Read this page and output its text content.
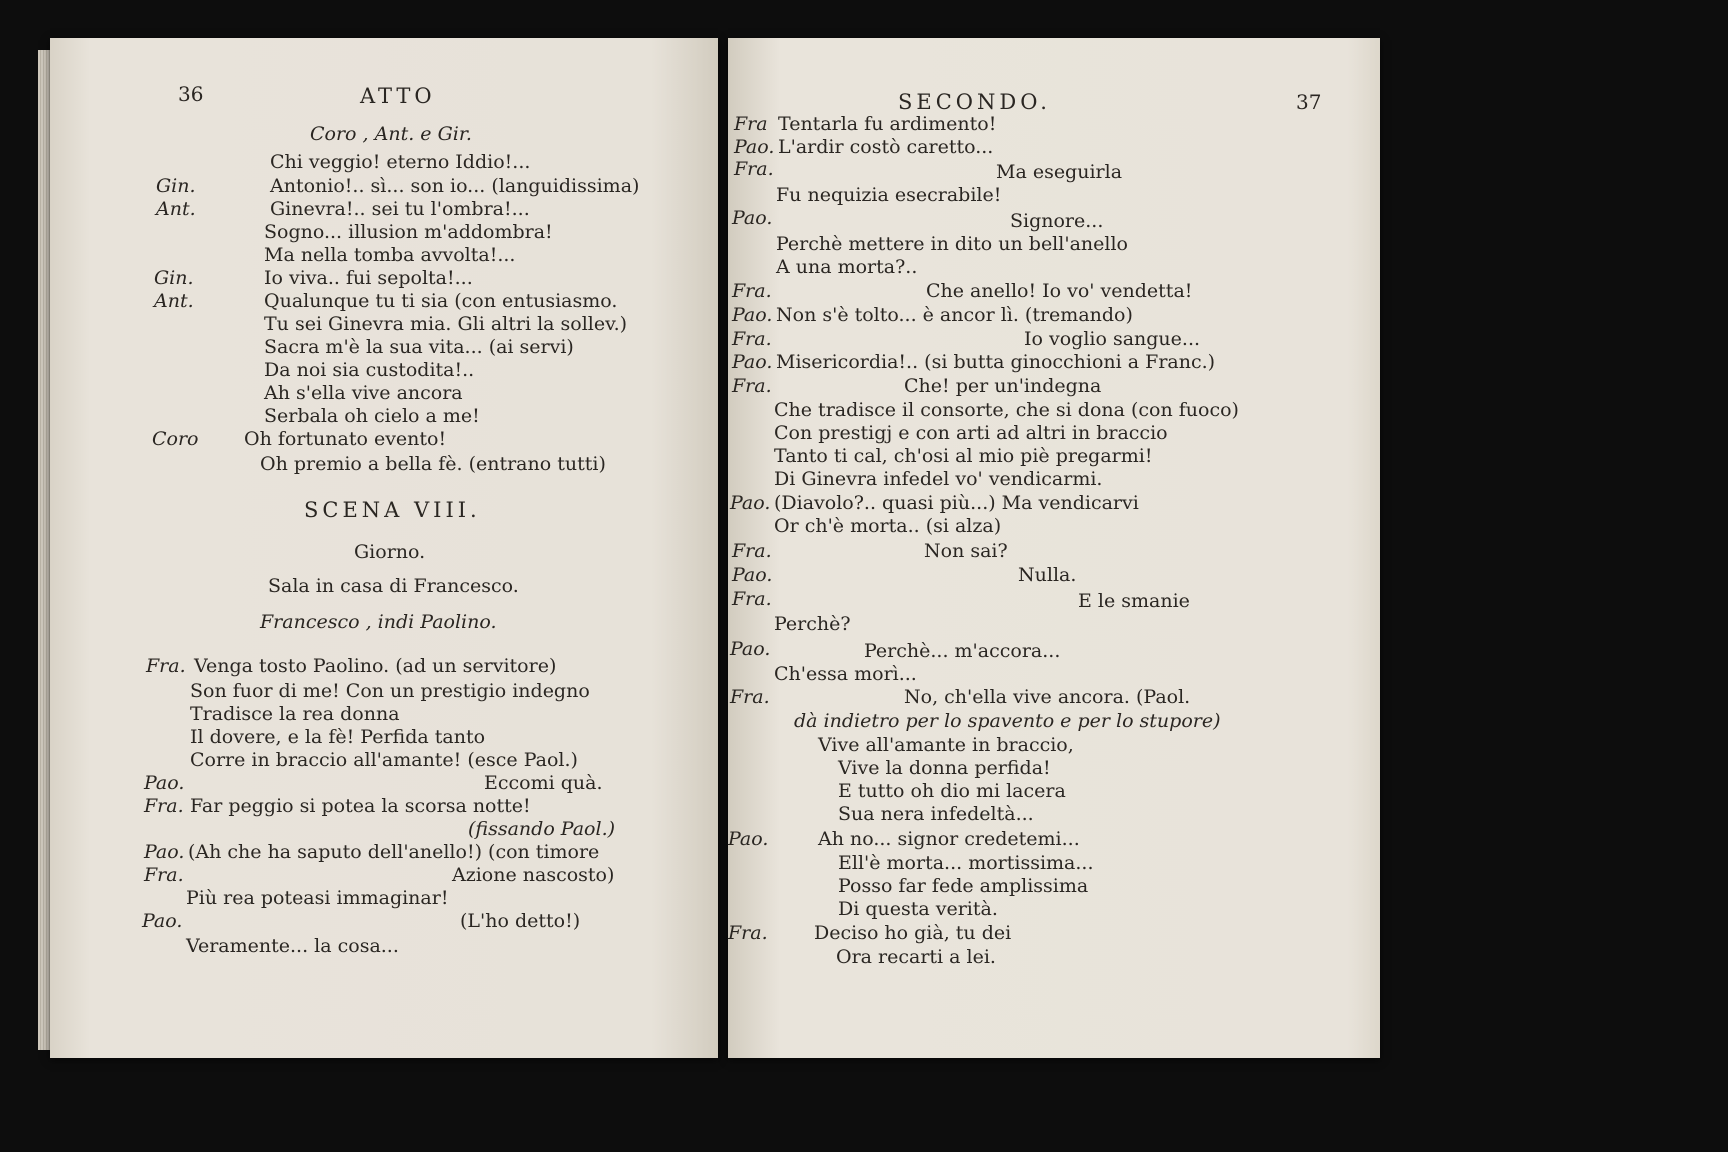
36	ATTO
Coro , Ant. e Gir.
Chi veggio! eterno Iddio!...
Gin.	Antonio!.. sì... son io... (languidissima)
Ant.	Ginevra!.. sei tu l'ombra!...
Sogno... illusion m'addombra!
Ma nella tomba avvolta!...
Gin.	Io viva.. fui sepolta!...
Ant.	Qualunque tu ti sia (con entusiasmo.
Tu sei Ginevra mia. Gli altri la sollev.)
Sacra m'è la sua vita... (ai servi)
Da noi sia custodita!..
Ah s'ella vive ancora
Serbala oh cielo a me!
Coro Oh fortunato evento!
Oh premio a bella fè. (entrano tutti)
SCENA VIII.
Giorno.
Sala in casa di Francesco.
Francesco , indi Paolino.
Fra. Venga tosto Paolino. (ad un servitore)
Son fuor di me! Con un prestigio indegno
Tradisce la rea donna
Il dovere, e la fè! Perfida tanto
Corre in braccio all'amante! (esce Paol.)
Pao.	Eccomi quà.
Fra. Far peggio si potea la scorsa notte!
(fissando Paol.)
Pao. (Ah che ha saputo dell'anello!) (con timore
Fra.	Azione nascosto)
Più rea poteasi immaginar!
Pao.	(L'ho detto!)
Veramente... la cosa...
SECONDO.	37
Fra Tentarla fu ardimento!
Pao. L'ardir costò caretto...
Fra.	Ma eseguirla
Fu nequizia esecrabile!
Pao.	Signore...
Perchè mettere in dito un bell'anello
A una morta?..
Fra.	Che anello! Io vo' vendetta!
Pao. Non s'è tolto... è ancor lì. (tremando)
Fra.	Io voglio sangue...
Pao. Misericordia!.. (si butta ginocchioni a Franc.)
Fra.	Che! per un'indegna
Che tradisce il consorte, che si dona (con fuoco)
Con prestigj e con arti ad altri in braccio
Tanto ti cal, ch'osi al mio piè pregarmi!
Di Ginevra infedel vo' vendicarmi.
Pao. (Diavolo?.. quasi più...) Ma vendicarvi
Or ch'è morta.. (si alza)
Fra.	Non sai?
Pao.	Nulla.
Fra.	E le smanie
Perchè?
Pao.	Perchè... m'accora...
Ch'essa morì...
Fra.	No, ch'ella vive ancora. (Paol.
dà indietro per lo spavento e per lo stupore)
Vive all'amante in braccio,
Vive la donna perfida!
E tutto oh dio mi lacera
Sua nera infedeltà...
Pao.	Ah no... signor credetemi...
Ell'è morta... mortissima...
Posso far fede amplissima
Di questa verità.
Fra. Deciso ho già, tu dei
Ora recarti a lei.
